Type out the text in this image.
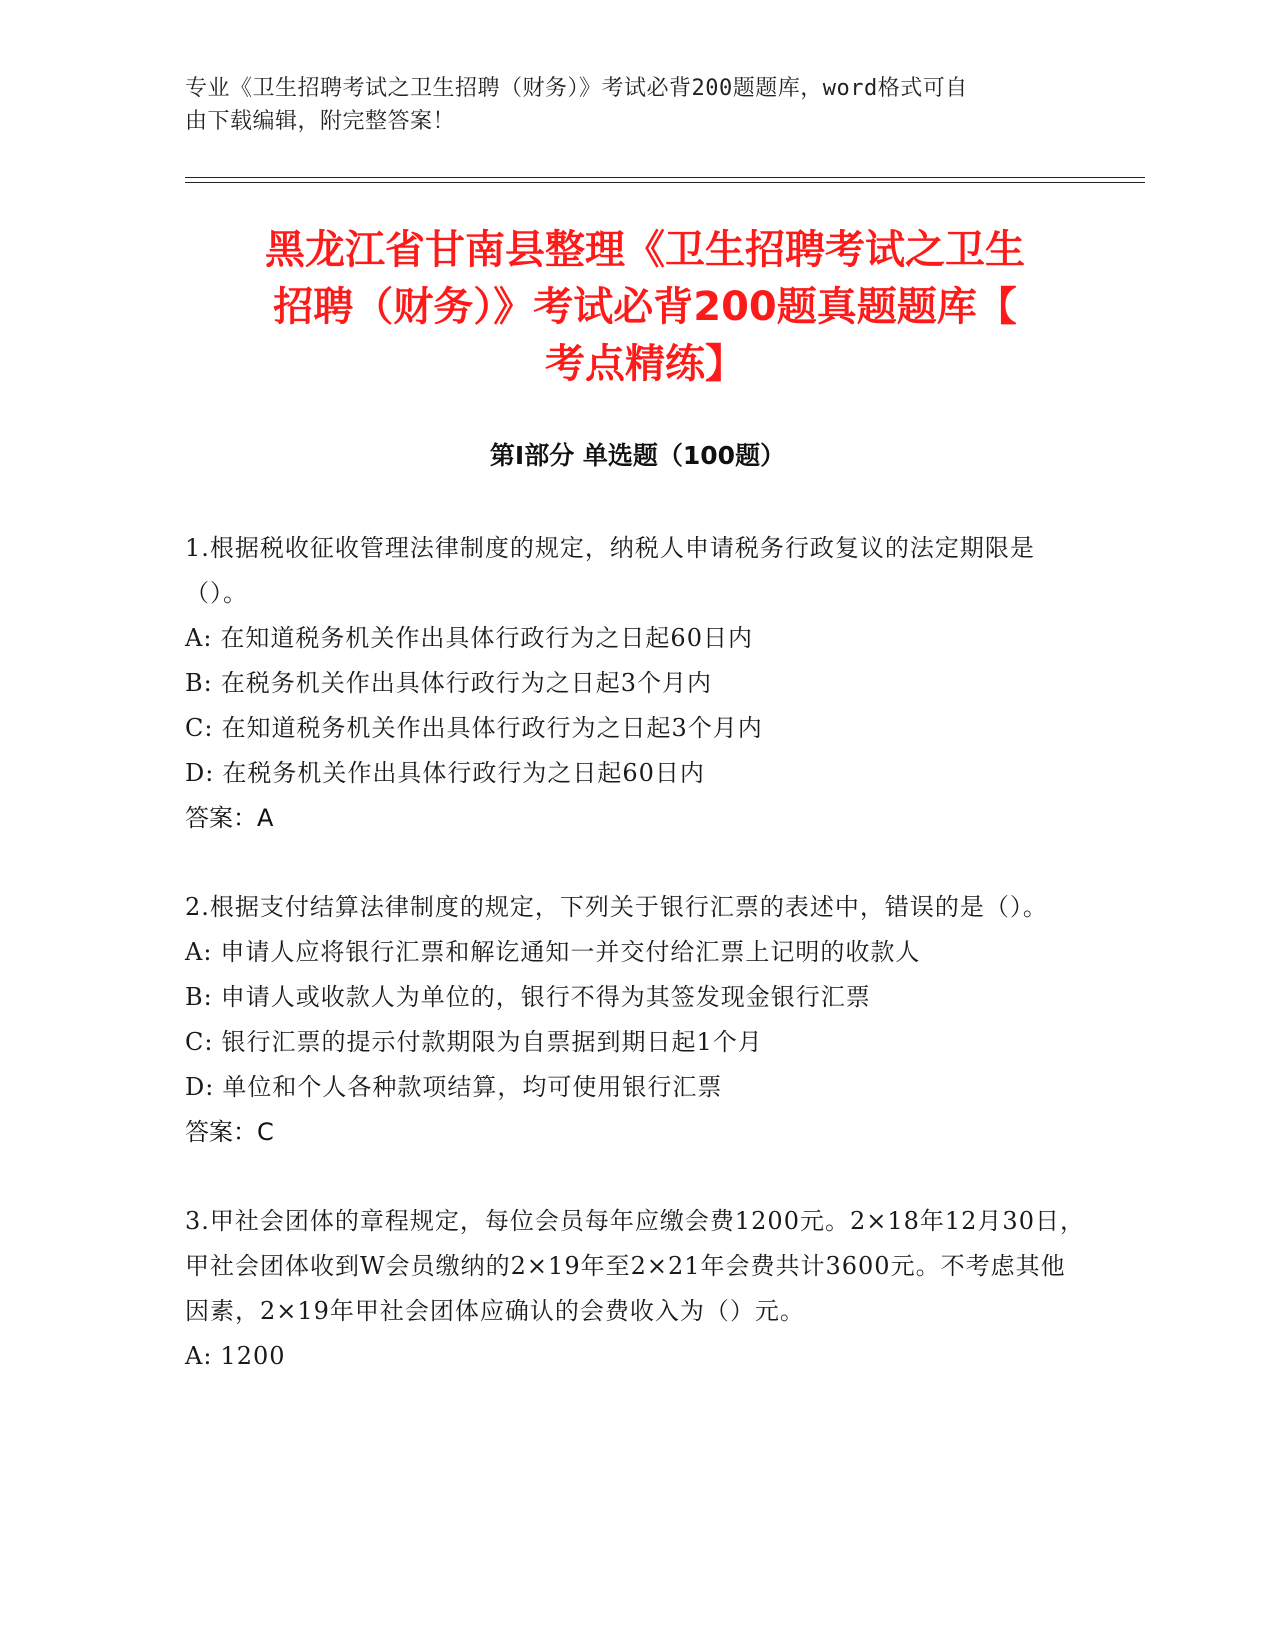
专业《卫生招聘考试之卫生招聘（财务）》考试必背200题题库，word格式可自
由下载编辑，附完整答案！
黑龙江省甘南县整理《卫生招聘考试之卫生
招聘（财务）》考试必背200题真题题库【
考点精练】
第I部分 单选题（100题）

1.根据税收征收管理法律制度的规定，纳税人申请税务行政复议的法定期限是（）。

A: 在知道税务机关作出具体行政行为之日起60日内

B: 在税务机关作出具体行政行为之日起3个月内

C: 在知道税务机关作出具体行政行为之日起3个月内

D: 在税务机关作出具体行政行为之日起60日内

答案：A

2.根据支付结算法律制度的规定，下列关于银行汇票的表述中，错误的是（）。

A: 申请人应将银行汇票和解讫通知一并交付给汇票上记明的收款人

B: 申请人或收款人为单位的，银行不得为其签发现金银行汇票

C: 银行汇票的提示付款期限为自票据到期日起1个月

D: 单位和个人各种款项结算，均可使用银行汇票

答案：C

3.甲社会团体的章程规定，每位会员每年应缴会费1200元。2×18年12月30日，甲社会团体收到W会员缴纳的2×19年至2×21年会费共计3600元。不考虑其他因素，2×19年甲社会团体应确认的会费收入为（）元。

A: 1200
